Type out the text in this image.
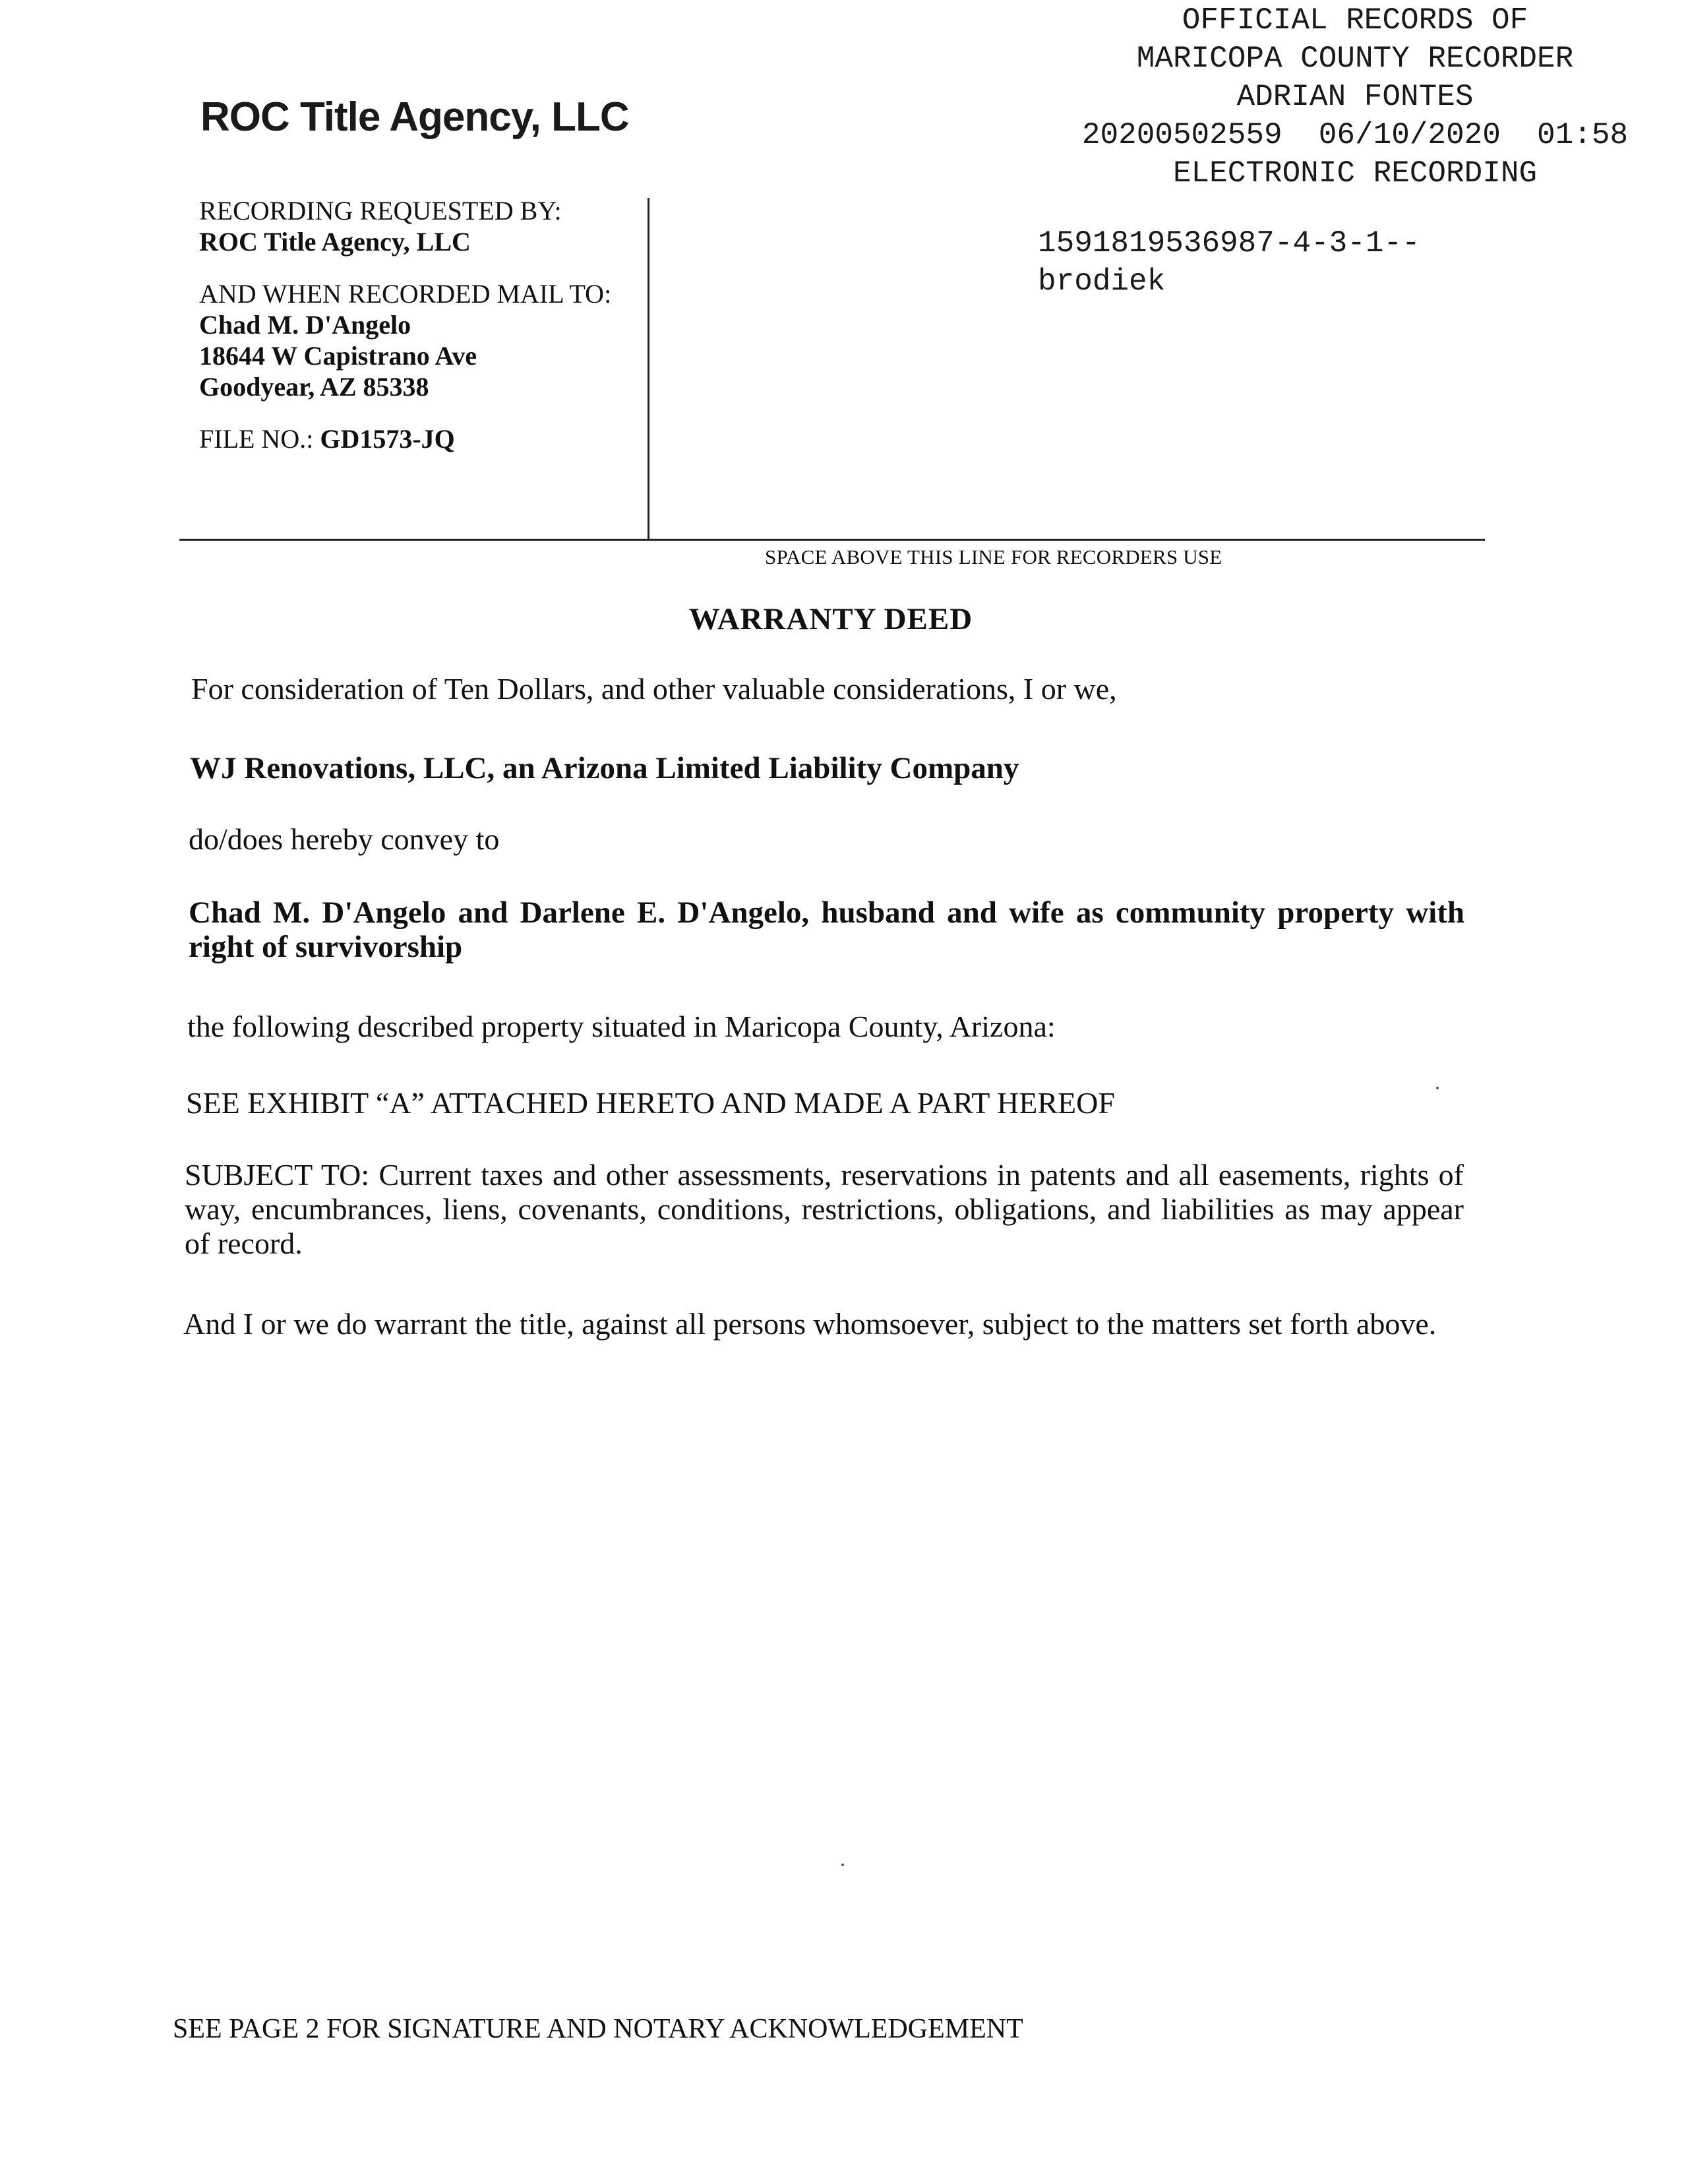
ROC Title Agency, LLC
OFFICIAL RECORDS OF
MARICOPA COUNTY RECORDER
ADRIAN FONTES
20200502559  06/10/2020  01:58
ELECTRONIC RECORDING
1591819536987-4-3-1--
brodiek
RECORDING REQUESTED BY:
ROC Title Agency, LLC
AND WHEN RECORDED MAIL TO:
Chad M. D'Angelo
18644 W Capistrano Ave
Goodyear, AZ 85338
FILE NO.: GD1573-JQ
SPACE ABOVE THIS LINE FOR RECORDERS USE
WARRANTY DEED
For consideration of Ten Dollars, and other valuable considerations, I or we,
WJ Renovations, LLC, an Arizona Limited Liability Company
do/does hereby convey to
Chad M. D'Angelo and Darlene E. D'Angelo, husband and wife as community property with right of survivorship
the following described property situated in Maricopa County, Arizona:
SEE EXHIBIT “A” ATTACHED HERETO AND MADE A PART HEREOF
SUBJECT TO: Current taxes and other assessments, reservations in patents and all easements, rights of way, encumbrances, liens, covenants, conditions, restrictions, obligations, and liabilities as may appear of record.
And I or we do warrant the title, against all persons whomsoever, subject to the matters set forth above.
SEE PAGE 2 FOR SIGNATURE AND NOTARY ACKNOWLEDGEMENT
